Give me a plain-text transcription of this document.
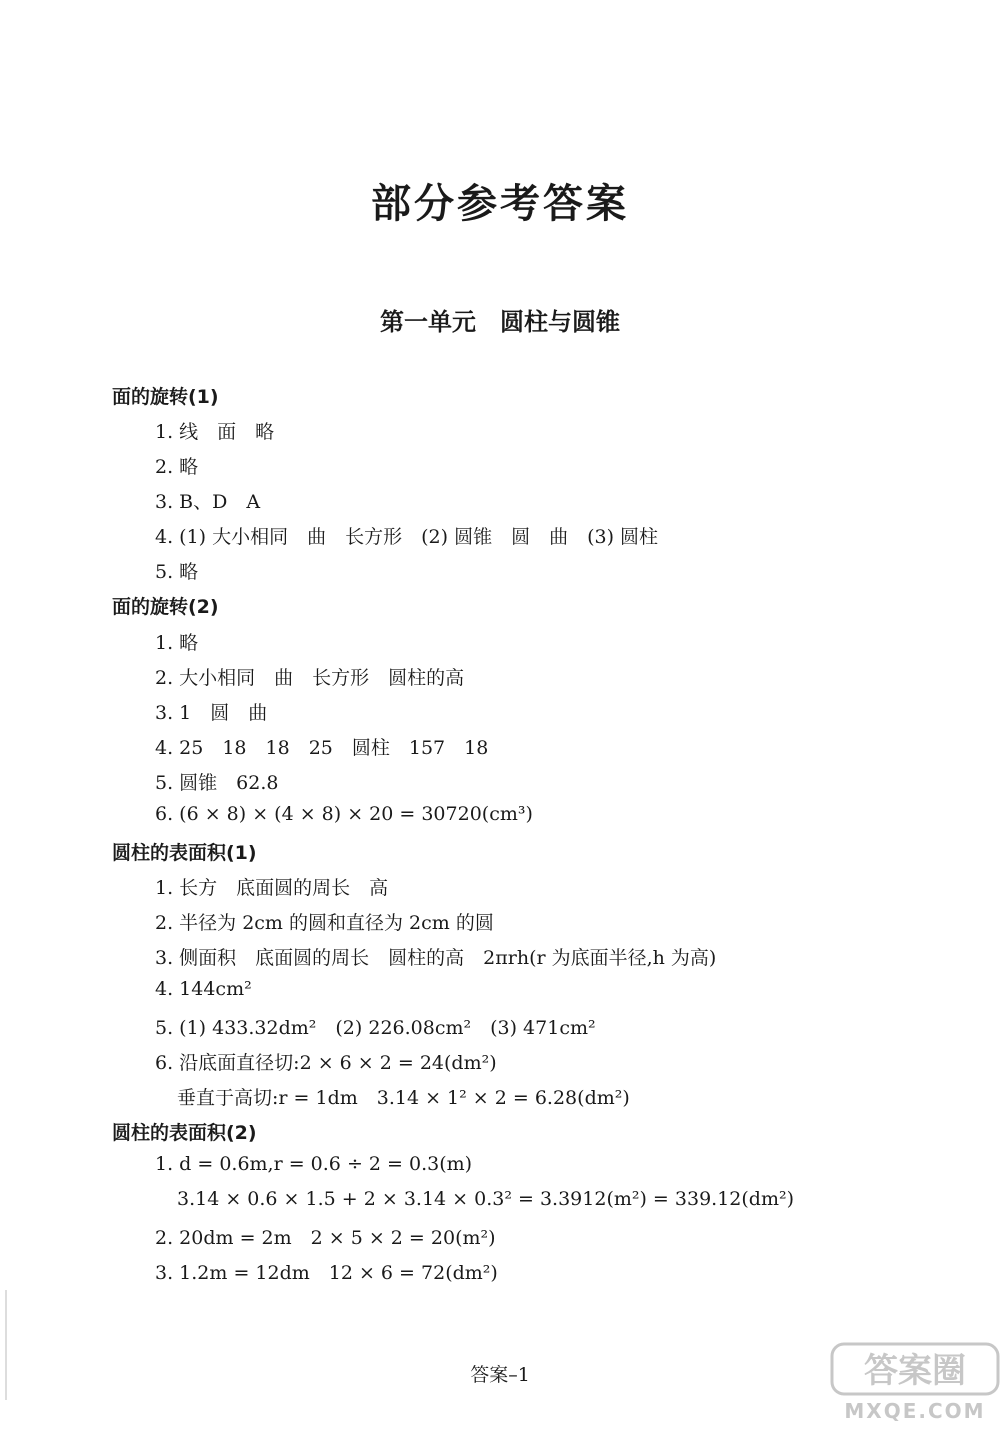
部分参考答案
第一单元　圆柱与圆锥
面的旋转(1)
1. 线　面　略
2. 略
3. B、D　A
4. (1) 大小相同　曲　长方形　(2) 圆锥　圆　曲　(3) 圆柱
5. 略
面的旋转(2)
1. 略
2. 大小相同　曲　长方形　圆柱的高
3. 1　圆　曲
4. 25　18　18　25　圆柱　157　18
5. 圆锥　62.8
6. (6 × 8) × (4 × 8) × 20 = 30720(cm³)
圆柱的表面积(1)
1. 长方　底面圆的周长　高
2. 半径为 2cm 的圆和直径为 2cm 的圆
3. 侧面积　底面圆的周长　圆柱的高　2πrh(r 为底面半径,h 为高)
4. 144cm²
5. (1) 433.32dm²　(2) 226.08cm²　(3) 471cm²
6. 沿底面直径切:2 × 6 × 2 = 24(dm²)
垂直于高切:r = 1dm　3.14 × 1² × 2 = 6.28(dm²)
圆柱的表面积(2)
1. d = 0.6m,r = 0.6 ÷ 2 = 0.3(m)
3.14 × 0.6 × 1.5 + 2 × 3.14 × 0.3² = 3.3912(m²) = 339.12(dm²)
2. 20dm = 2m　2 × 5 × 2 = 20(m²)
3. 1.2m = 12dm　12 × 6 = 72(dm²)
答案–1	答案圈
MXQE.COM
